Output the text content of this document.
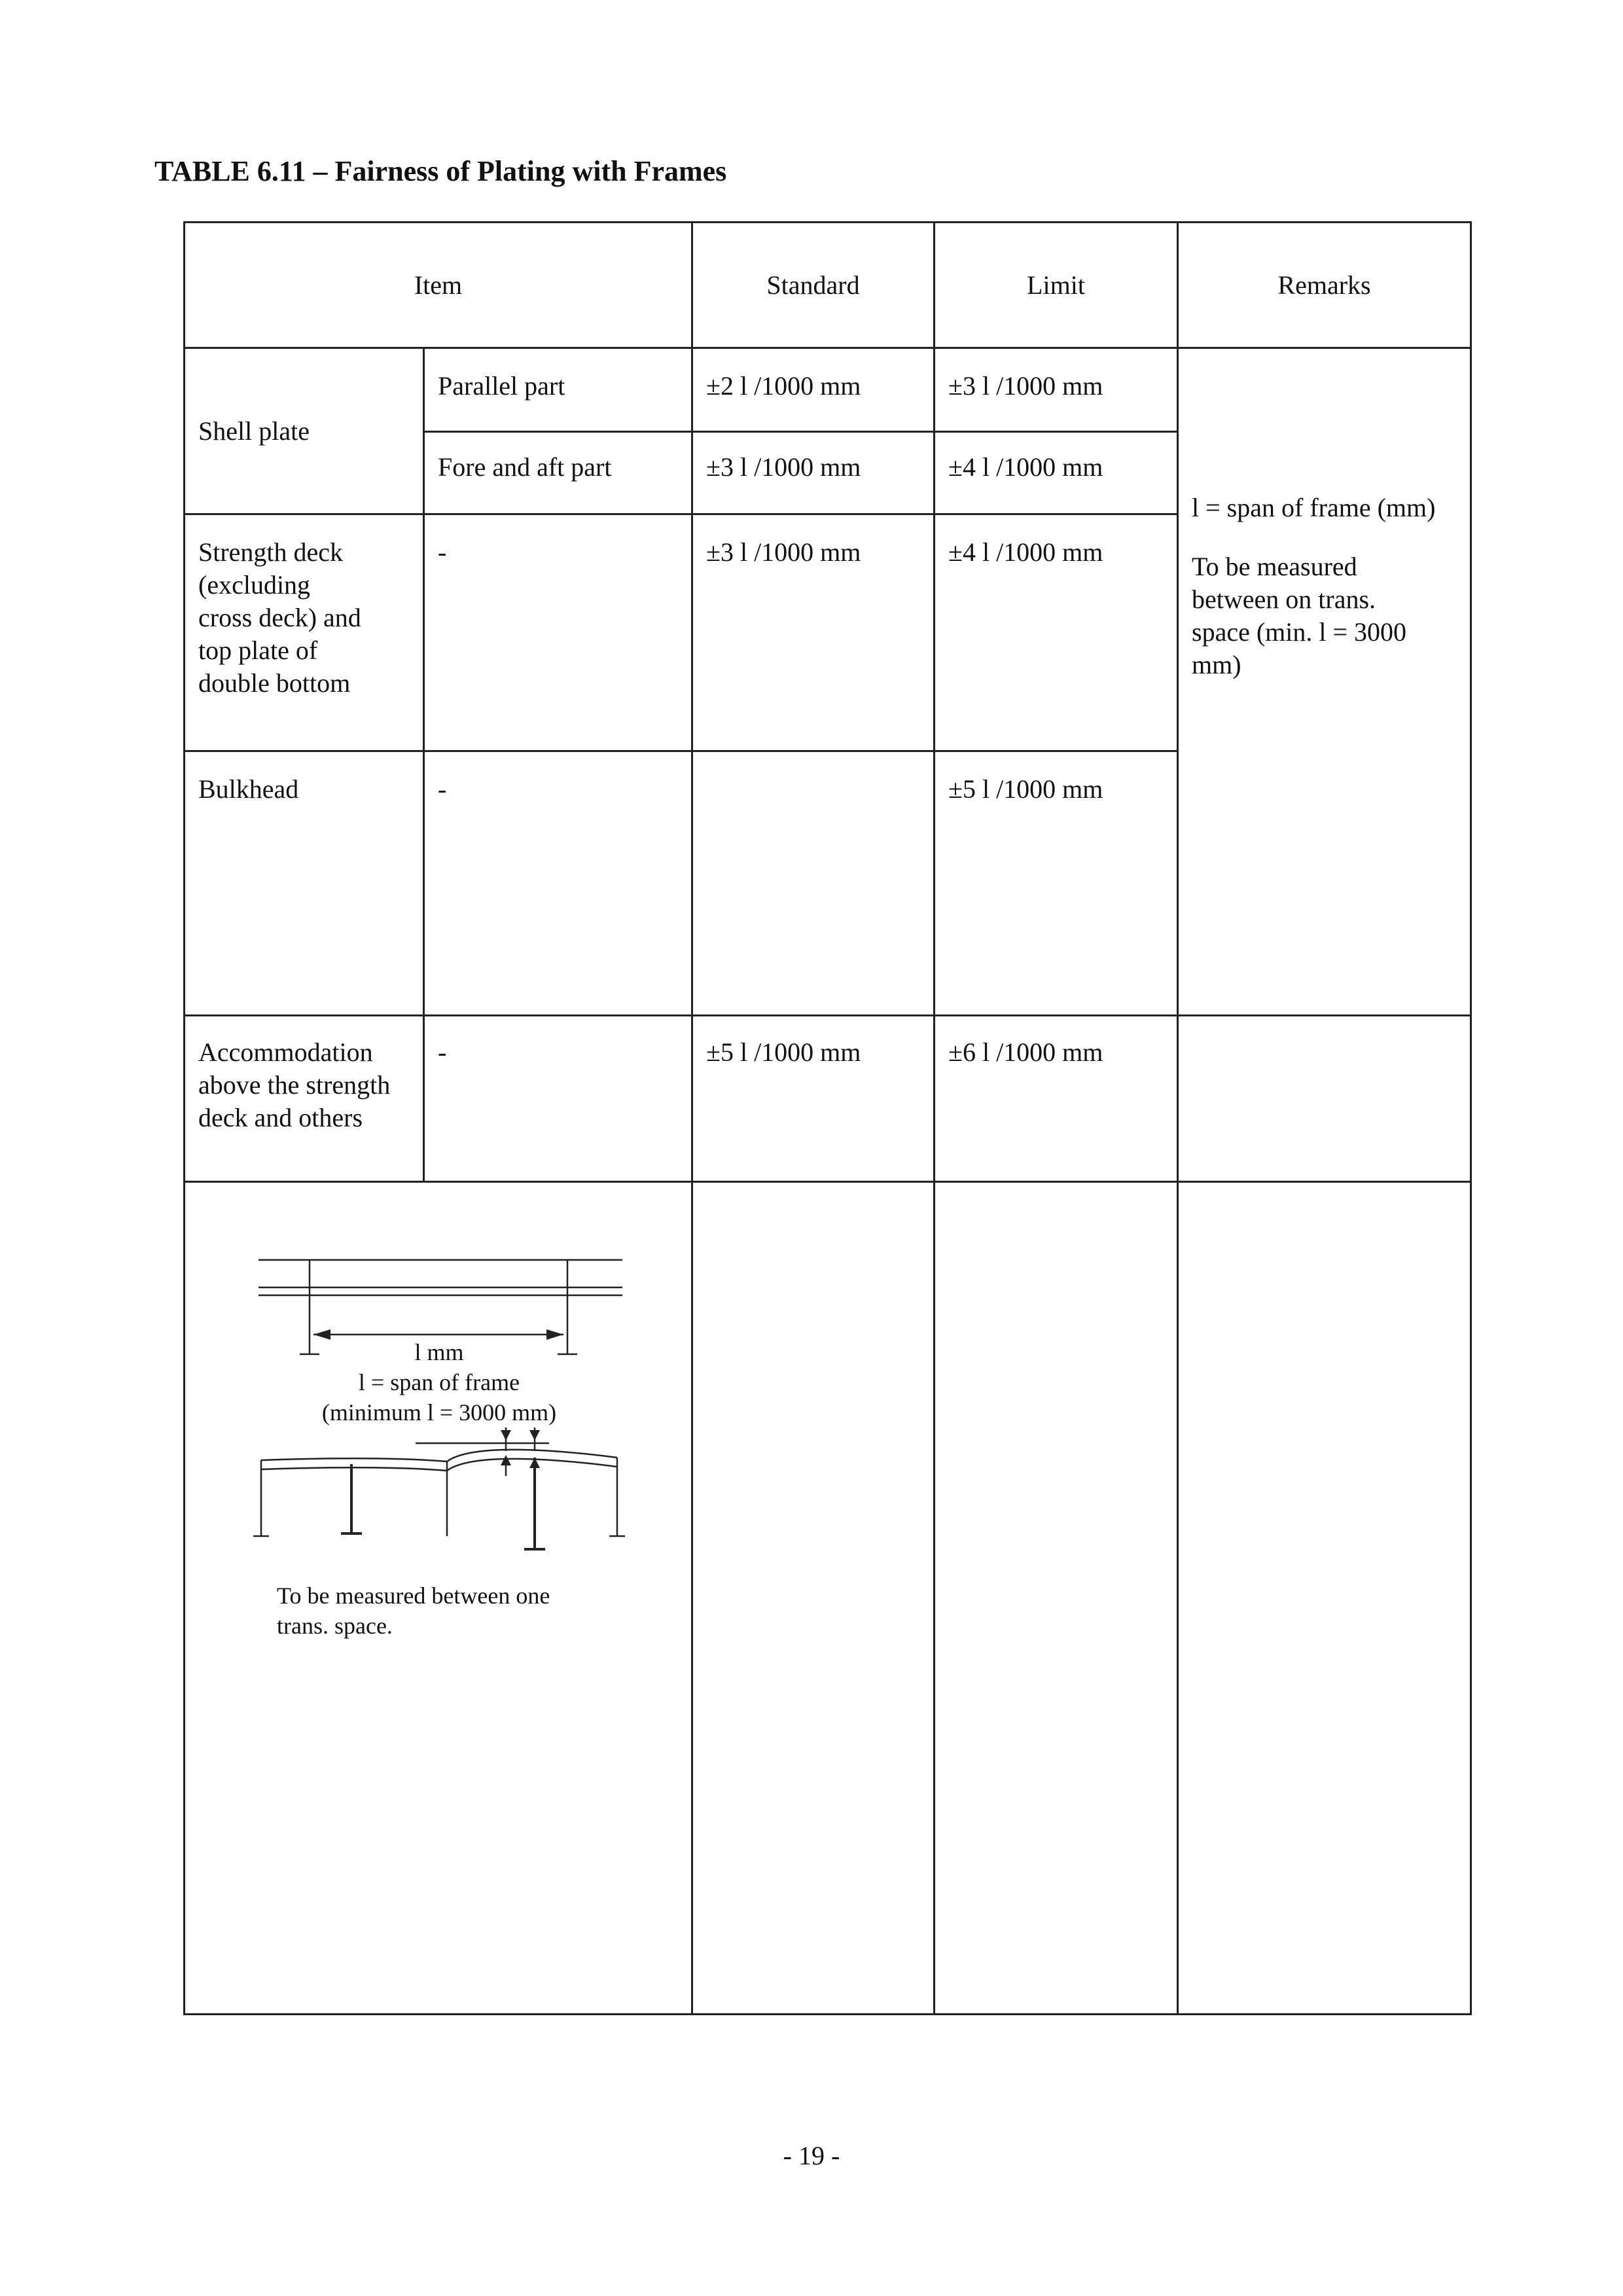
TABLE 6.11 – Fairness of Plating with Frames
Item		Standard	Limit	Remarks

Shell plate	Parallel part	±2 l /1000 mm	±3 l /1000 mm	l = span of frame (mm)
To be measured
between on trans.
space (min. l = 3000
mm)

	Fore and aft part	±3 l /1000 mm	±4 l /1000 mm	

Strength deck
(excluding
cross deck) and
top plate of
double bottom	-	±3 l /1000 mm	±4 l /1000 mm	

Bulkhead	-		±5 l /1000 mm	

Accommodation
above the strength
deck and others	-	±5 l /1000 mm	±6 l /1000 mm	

l mm
l = span of frame
(minimum l = 3000 mm)
To be measured between one
trans. space.				

- 19 -
